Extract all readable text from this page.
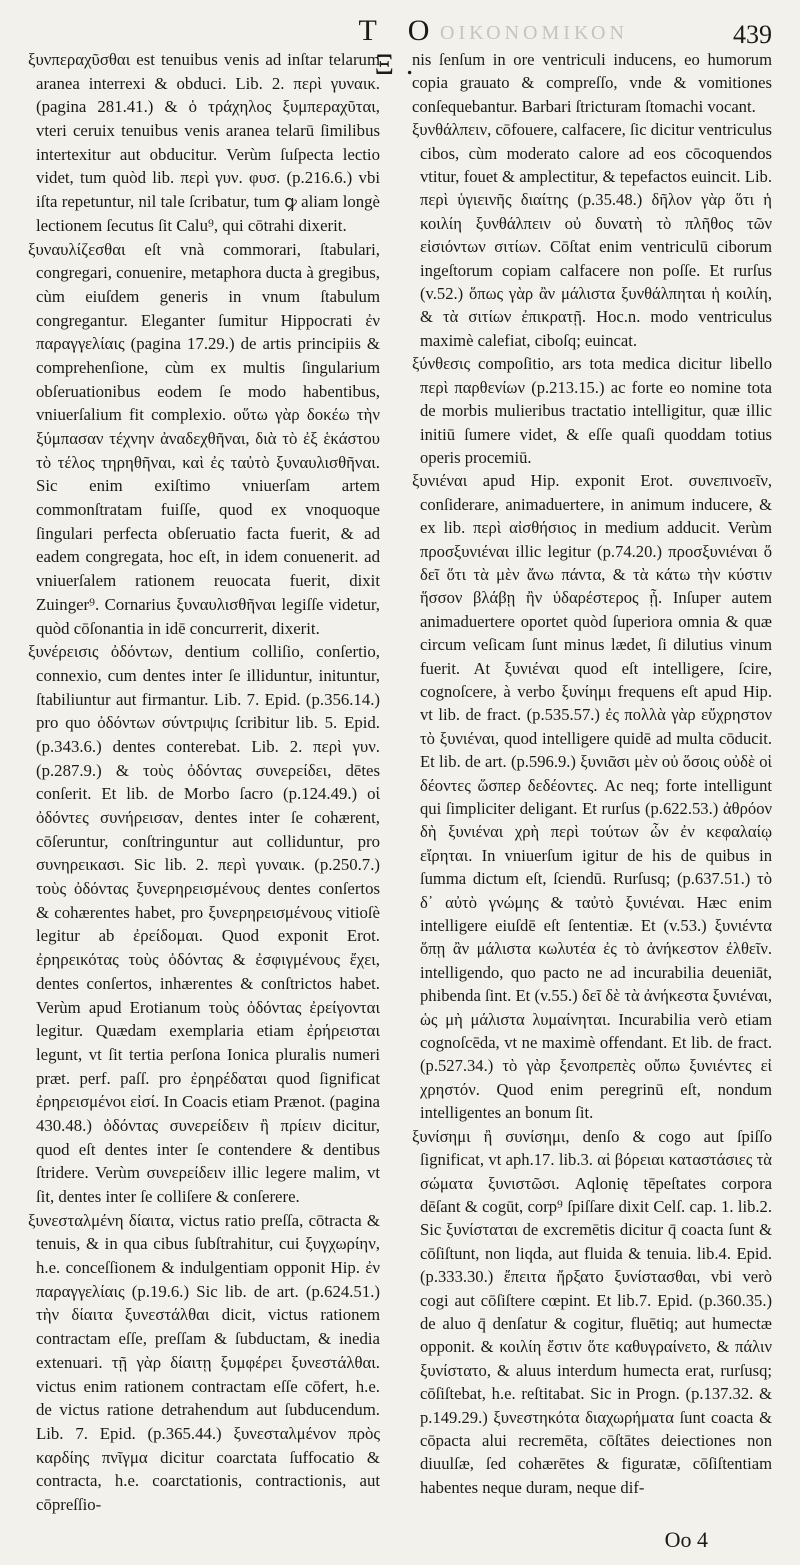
ΟΙΚΟΝΟΜΙΚΟΝ
T O Ξ.
439

ξυνπεραχῦσθαι est tenuibus venis ad inſtar telarum aranea interrexi & obduci. Lib. 2. περὶ γυναικ. (pagina 281.41.) & ὁ τράχηλος ξυμπεραχῦται, vteri ceruix tenuibus venis aranea telarū ſimilibus intertexitur aut obducitur. Verùm ſuſpecta lectio videt, tum quòd lib. περὶ γυν. φυσ. (p.216.6.) vbi iſta repetuntur, nil tale ſcribatur, tum ꝙ aliam longè lectionem ſecutus ſit Calu⁹, qui cōtrahi dixerit.

ξυναυλίζεσθαι eſt vnà commorari, ſtabulari, congregari, conuenire, metaphora ducta à gregibus, cùm eiuſdem generis in vnum ſtabulum congregantur. Eleganter ſumitur Hippocrati ἐν παραγγελίαις (pagina 17.29.) de artis principiis & comprehenſione, cùm ex multis ſingularium obſeruationibus eodem ſe modo habentibus, vniuerſalium fit complexio. οὕτω γὰρ δοκέω τὴν ξύμπασαν τέχνην ἀναδεχθῆναι, διὰ τὸ ἐξ ἑκάστου τὸ τέλος τηρηθῆναι, καὶ ἐς ταὐτὸ ξυναυλισθῆναι. Sic enim exiſtimo vniuerſam artem commonſtratam fuiſſe, quod ex vnoquoque ſingulari perfecta obſeruatio facta fuerit, & ad eadem congregata, hoc eſt, in idem conuenerit. ad vniuerſalem rationem reuocata fuerit, dixit Zuinger⁹. Cornarius ξυναυλισθῆναι legiſſe videtur, quòd cōſonantia in idē concurrerit, dixerit.

ξυνέρεισις ὀδόντων, dentium colliſio, conſertio, connexio, cum dentes inter ſe illiduntur, inituntur, ſtabiliuntur aut firmantur. Lib. 7. Epid. (p.356.14.) pro quo ὀδόντων σύντριψις ſcribitur lib. 5. Epid. (p.343.6.) dentes conterebat. Lib. 2. περὶ γυν. (p.287.9.) & τοὺς ὀδόντας συνερείδει, dētes conſerit. Et lib. de Morbo ſacro (p.124.49.) οἱ ὀδόντες συνήρεισαν, dentes inter ſe cohærent, cōſeruntur, conſtringuntur aut colliduntur, pro συνηρεικασι. Sic lib. 2. περὶ γυναικ. (p.250.7.) τοὺς ὀδόντας ξυνερηρεισμένους dentes conſertos & cohærentes habet, pro ξυνερηρεισμένους vitioſè legitur ab ἐρείδομαι. Quod exponit Erot. ἐρηρεικότας τοὺς ὀδόντας & ἐσφιγμένους ἔχει, dentes conſertos, inhærentes & conſtrictos habet. Verùm apud Erotianum τοὺς ὀδόντας ἐρείγονται legitur. Quædam exemplaria etiam ἐρήρεισται legunt, vt ſit tertia perſona Ionica pluralis numeri præt. perf. paſſ. pro ἐρηρέδαται quod ſignificat ἐρηρεισμένοι εἰσί. In Coacis etiam Prænot. (pagina 430.48.) ὀδόντας συνερείδειν ἢ πρίειν dicitur, quod eſt dentes inter ſe contendere & dentibus ſtridere. Verùm συνερείδειν illic legere malim, vt ſit, dentes inter ſe colliſere & conſerere.

ξυνεσταλμένη δίαιτα, victus ratio preſſa, cōtracta & tenuis, & in qua cibus ſubſtrahitur, cui ξυγχωρίην, h.e. conceſſionem & indulgentiam opponit Hip. ἐν παραγγελίαις (p.19.6.) Sic lib. de art. (p.624.51.) τὴν δίαιτα ξυνεστάλθαι dicit, victus rationem contractam eſſe, preſſam & ſubductam, & inedia extenuari. τῇ γὰρ δίαιτῃ ξυμφέρει ξυνεστάλθαι. victus enim rationem contractam eſſe cōfert, h.e. de victus ratione detrahendum aut ſubducendum. Lib. 7. Epid. (p.365.44.) ξυνεσταλμένον πρὸς καρδίης πνῖγμα dicitur coarctata ſuffocatio & contracta, h.e. coarctationis, contractionis, aut cōpreſſio-

nis ſenſum in ore ventriculi inducens, eo humorum copia grauato & compreſſo, vnde & vomitiones conſequebantur. Barbari ſtricturam ſtomachi vocant.

ξυνθάλπειν, cōfouere, calfacere, ſic dicitur ventriculus cibos, cùm moderato calore ad eos cōcoquendos vtitur, fouet & amplectitur, & tepefactos euincit. Lib. περὶ ὑγιεινῆς διαίτης (p.35.48.) δῆλον γὰρ ὅτι ἡ κοιλίη ξυνθάλπειν οὐ δυνατὴ τὸ πλῆθος τῶν εἰσιόντων σιτίων. Cōſtat enim ventriculū ciborum ingeſtorum copiam calfacere non poſſe. Et rurſus (v.52.) ὅπως γὰρ ἂν μάλιστα ξυνθάλπηται ἡ κοιλίη, & τὰ σιτίων ἐπικρατῇ. Hoc.n. modo ventriculus maximè calefiat, ciboſq; euincat.

ξύνθεσις compoſitio, ars tota medica dicitur libello περὶ παρθενίων (p.213.15.) ac forte eo nomine tota de morbis mulieribus tractatio intelligitur, quæ illic initiū ſumere videt, & eſſe quaſi quoddam totius operis procemiū.

ξυνιέναι apud Hip. exponit Erot. συνεπινοεῖν, conſiderare, animaduertere, in animum inducere, & ex lib. περὶ αἰσθήσιος in medium adducit. Verùm προσξυνιέναι illic legitur (p.74.20.) προσξυνιέναι ὅ δεῖ ὅτι τὰ μὲν ἄνω πάντα, & τὰ κάτω τὴν κύστιν ἥσσον βλάβῃ ἢν ὑδαρέστερος ᾖ. Inſuper autem animaduertere oportet quòd ſuperiora omnia & quæ circum veſicam ſunt minus lædet, ſi dilutius vinum fuerit. At ξυνιέναι quod eſt intelligere, ſcire, cognoſcere, à verbo ξυνίημι frequens eſt apud Hip. vt lib. de fract. (p.535.57.) ἐς πολλὰ γὰρ εὔχρηστον τὸ ξυνιέναι, quod intelligere quidē ad multa cōducit. Et lib. de art. (p.596.9.) ξυνιᾶσι μὲν οὐ ὅσοις οὐδὲ οἱ δέοντες ὥσπερ δεδέοντες. Ac neq; forte intelligunt qui ſimpliciter deligant. Et rurſus (p.622.53.) ἀθρόον δὴ ξυνιέναι χρὴ περὶ τούτων ὧν ἐν κεφαλαίῳ εἴρηται. In vniuerſum igitur de his de quibus in ſumma dictum eſt, ſciendū. Rurſusq; (p.637.51.) τὸ δ᾽ αὐτὸ γνώμης & ταὐτὸ ξυνιέναι. Hæc enim intelligere eiuſdē eſt ſententiæ. Et (v.53.) ξυνιέντα ὅπῃ ἂν μάλιστα κωλυτέα ἐς τὸ ἀνήκεστον ἐλθεῖν. intelligendo, quo pacto ne ad incurabilia deueniāt, phibenda ſint. Et (v.55.) δεῖ δὲ τὰ ἀνήκεστα ξυνιέναι, ὡς μὴ μάλιστα λυμαίνηται. Incurabilia verò etiam cognoſcēda, vt ne maximè offendant. Et lib. de fract. (p.527.34.) τὸ γὰρ ξενοπρεπὲς οὔπω ξυνιέντες εἰ χρηστόν. Quod enim peregrinū eſt, nondum intelligentes an bonum ſit.

ξυνίσημι ἢ συνίσημι, denſo & cogo aut ſpiſſo ſignificat, vt aph.17. lib.3. αἱ βόρειαι καταστάσιες τὰ σώματα ξυνιστῶσι. Aqlonię tēpeſtates corpora dēſant & cogūt, corp⁹ ſpiſſare dixit Celſ. cap. 1. lib.2. Sic ξυνίσταται de excremētis dicitur q̄ coacta ſunt & cōſiſtunt, non liqda, aut fluida & tenuia. lib.4. Epid. (p.333.30.) ἔπειτα ἤρξατο ξυνίστασθαι, vbi verò cogi aut cōſiſtere cœpint. Et lib.7. Epid. (p.360.35.) de aluo q̄ denſatur & cogitur, fluētiq; aut humectæ opponit. & κοιλίη ἔστιν ὅτε καθυγραίνετο, & πάλιν ξυνίστατο, & aluus interdum humecta erat, rurſusq; cōſiſtebat, h.e. reſtitabat. Sic in Progn. (p.137.32. & p.149.29.) ξυνεστηκότα διαχωρήματα ſunt coacta & cōpacta alui recremēta, cōſtātes deiectiones non diuulſæ, ſed cohærētes & figuratæ, cōſiſtentiam habentes neque duram, neque dif-

Oo 4
